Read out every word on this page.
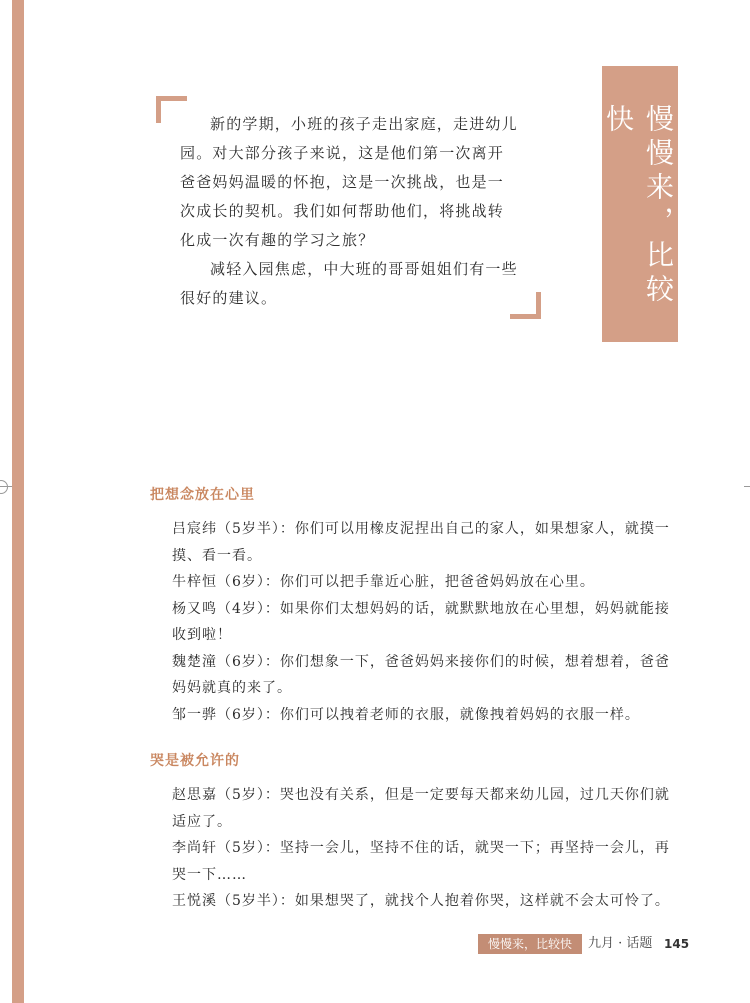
新的学期，小班的孩子走出家庭，走进幼儿园。对大部分孩子来说，这是他们第一次离开爸爸妈妈温暖的怀抱，这是一次挑战，也是一次成长的契机。我们如何帮助他们，将挑战转化成一次有趣的学习之旅？

减轻入园焦虑，中大班的哥哥姐姐们有一些很好的建议。	慢慢来，比较快
把想念放在心里

吕宸纬（5岁半）：你们可以用橡皮泥捏出自己的家人，如果想家人，就摸一摸、看一看。

牛梓恒（6岁）：你们可以把手靠近心脏，把爸爸妈妈放在心里。

杨又鸣（4岁）：如果你们太想妈妈的话，就默默地放在心里想，妈妈就能接收到啦！

魏楚潼（6岁）：你们想象一下，爸爸妈妈来接你们的时候，想着想着，爸爸妈妈就真的来了。

邹一骅（6岁）：你们可以拽着老师的衣服，就像拽着妈妈的衣服一样。

哭是被允许的

赵思嘉（5岁）：哭也没有关系，但是一定要每天都来幼儿园，过几天你们就适应了。

李尚轩（5岁）：坚持一会儿，坚持不住的话，就哭一下；再坚持一会儿，再哭一下……

王悦溪（5岁半）：如果想哭了，就找个人抱着你哭，这样就不会太可怜了。

慢慢来，比较快	九月 · 话题 145
